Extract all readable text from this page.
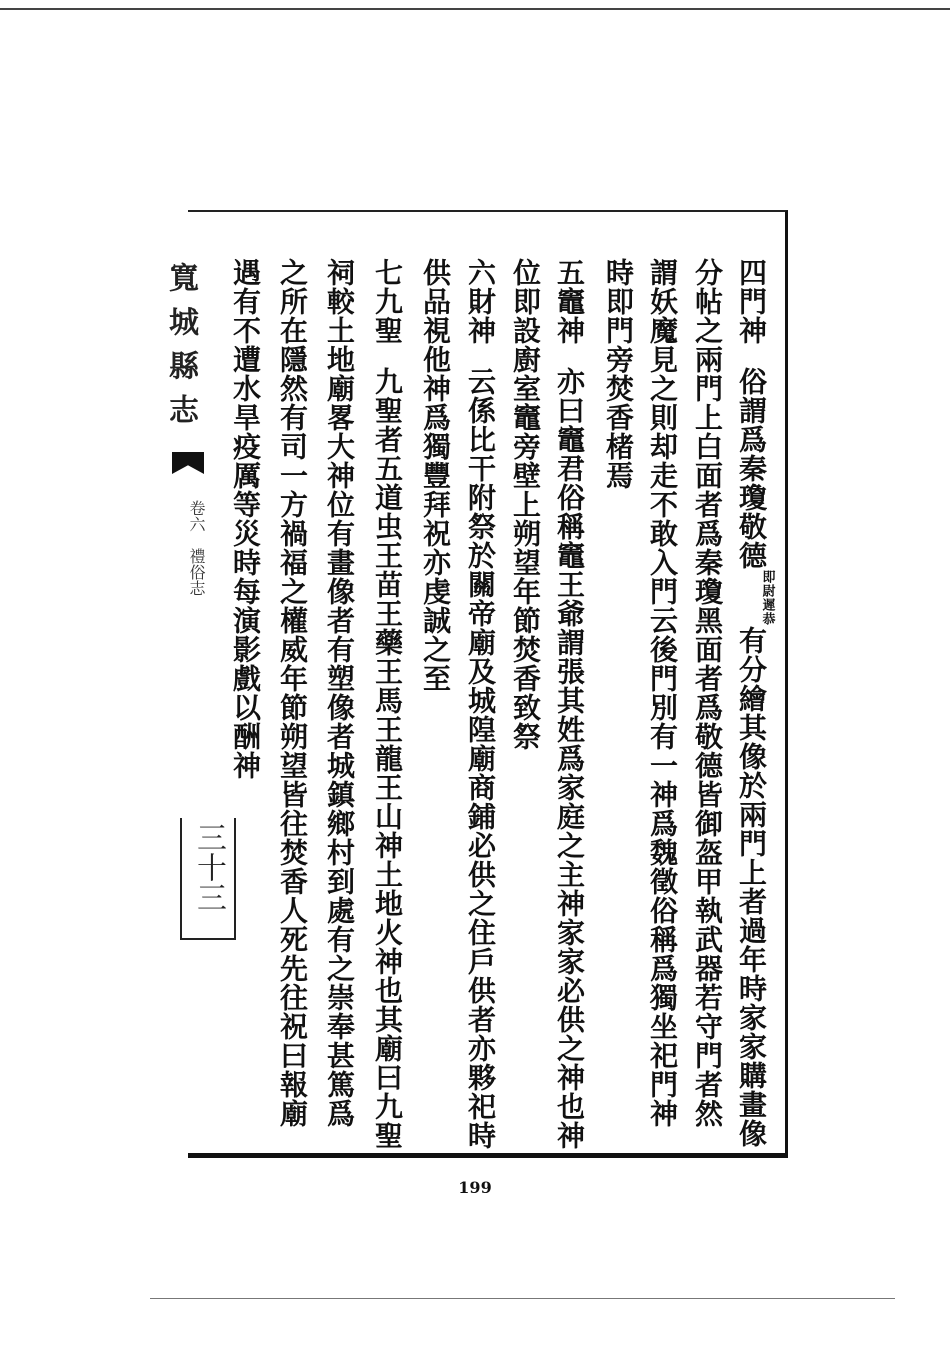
四門神俗謂爲秦瓊敬德即尉遲恭有分繪其像於兩門上者過年時家家購畫像
分帖之兩門上白面者爲秦瓊黑面者爲敬德皆御盔甲執武器若守門者然
謂妖魔見之則却走不敢入門云後門別有一神爲魏徵俗稱爲獨坐祀門神
時即門旁焚香楮焉
五竈神亦曰竈君俗稱竈王爺謂張其姓爲家庭之主神家家必供之神也神
位即設廚室竈旁壁上朔望年節焚香致祭
六財神云係比干附祭於關帝廟及城隍廟商鋪必供之住戶供者亦夥祀時
供品視他神爲獨豐拜祝亦虔誠之至
七九聖九聖者五道虫王苗王藥王馬王龍王山神土地火神也其廟曰九聖
祠較土地廟畧大神位有畫像者有塑像者城鎮鄉村到處有之崇奉甚篤爲
之所在隱然有司一方禍福之權威年節朔望皆往焚香人死先往祝曰報廟
遇有不遭水旱疫厲等災時每演影戲以酬神
寬城縣志
卷六　禮俗志
三十三
199
